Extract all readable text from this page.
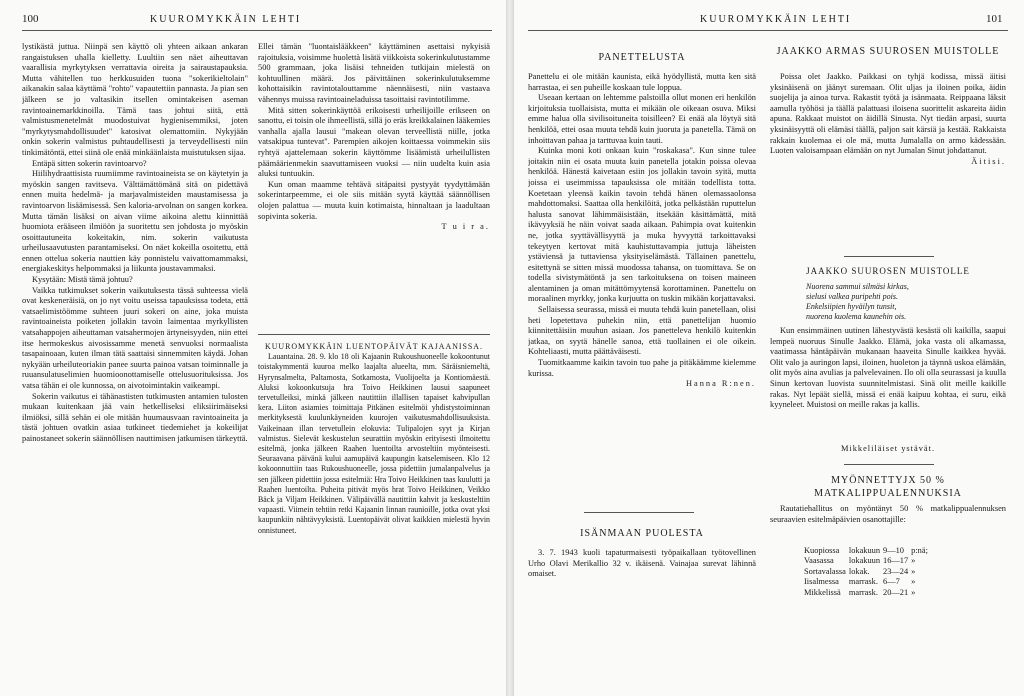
100	KUUROMYKKÄIN LEHTI

lystikästä juttua. Niinpä sen käyttö oli yhteen aikaan ankaran rangaistuksen uhalla kielletty. Luultiin sen näet aiheuttavan vaarallisia myrkytyksen verrattavia oireita ja sairaustapauksia. Mutta vähitellen tuo herkkusuiden tuona "sokerikieltolain" aikanakin salaa käyttämä "rohto" vapautettiin pannasta. Ja pian sen jälkeen se jo valtasikin itsellen omintakeisen aseman ravintoainemarkkinoilla. Tämä taas johtui siitä, että valmistusmenetelmät muodostuivat hygienisemmiksi, joten "myrkytysmahdollisuudet" katosivat olemattomiin. Nykyjään onkin sokerin valmistus puhtaudellisesti ja terveydellisesti niin tinkimätöntä, ettei siinä ole enää minkäänlaista muistutuksen sijaa.

Entäpä sitten sokerin ravintoarvo?

Hiilihydraattisista ruumiimme ravintoaineista se on käytetyin ja myöskin sangen ravitseva. Välttämättömänä sitä on pidettävä ennen muita hedelmä- ja marjavalmisteiden maustamisessa ja ravintoarvon lisäämisessä. Sen kaloria-arvolnan on sangen korkea. Mutta tämän lisäksi on aivan viime aikoina alettu kiinnittää huomiota erääseen ilmiöön ja suoritettu sen johdosta jo myöskin osoittautuneita kokeitakin, nim. sokerin vaikutusta urheilusaavutusten parantamiseksi. On näet kokeilla osoitettu, että ennen ottelua sokeria nauttien käy ponnistelu vaivattomammaksi, energiakeskitys helpommaksi ja liikunta joustavammaksi.

Kysytään: Mistä tämä johtuu?

Vaikka tutkimukset sokerin vaikutuksesta tässä suhteessa vielä ovat keskeneräisiä, on jo nyt voitu useissa tapauksissa todeta, että vatsaelimistöömme suhteen juuri sokeri on aine, joka muista ravintoaineista poiketen jollakin tavoin laimentaa myrkyllisten vatsahappojen aiheuttaman vatsahermojen ärtyneisyyden, niin ettei itse hermokeskus aivosissamme menetä senvuoksi normaalista tasapainoaan, kuten ilman tätä saattaisi sinnemmiten käydä. Johan nykyään urheiluteoriakin panee suurta painoa vatsan toiminnalle ja ruuansulatuselimien huomioonottamiselle ottelusuorituksissa. Jos vatsa tähän ei ole kunnossa, on aivotoimintakin vaikeampi.

Sokerin vaikutus ei tähänastisten tutkimusten antamien tulosten mukaan kuitenkaan jää vain hetkelliseksi eliksiirimäiseksi ilmiöksi, sillä sehän ei ole mitään huumausvaan ravintoaineita ja tästä johtuen ovatkin asiaa tutkineet tiedemiehet ja kokeilijat painostaneet sokerin säännöllisen nauttimisen jatkumisen tärkeyttä.

Ellei tämän "luontaislääkkeen" käyttäminen asettaisi nykyisiä rajoituksia, voisimme huolettà lisätä viikkoista sokerinkulutustamme 500 grammaan, joka lisäisi tehneiden tutkijain mielestä on kohtuullinen määrä. Jos päivittäinen sokerinkulutuksemme kohottaisikin ravintotalouttamme näennäisesti, niin vastaava vähennys muissa ravintoaineladuissa tasoittaisi ravintotilimme.

Mitä sitten sokerinkäyttöä erikoisesti urheilijoille erikseen on sanottu, ei toisin ole ihmeellistä, sillä jo eräs kreikkalainen lääkemies vanhalla ajalla lausui "makean olevan terveellistä niille, jotka vatsakipua tuntevat". Parempien aikojen koittaessa voimmekin siis ryhtyä ajattelemaan sokerin käyttömme lisäämistä urheilullisten päämäärienmekin saavuttamiseen vuoksi — niin uudelta kuin asia aluksi tuntuukin.

Kun oman maamme tehtävä sitäpaitsi pystyyät tyydyttämään sokerintarpeemme, ei ole siis mitään syytä käyttää säännöllisen olojen palattua — muuta kuin kotimaista, hinnaltaan ja laadultaan sopivinta sokeria.

T u i r a.

KUUROMYKKÄIN LUENTOPÄIVÄT KAJAANISSA.

Lauantaina. 28. 9. klo 18 oli Kajaanin Rukoushuoneelle kokoontunut toistakymmentä kuuroa melko laajalta alueelta, mm. Säräisniemeltä, Hyrynsalmelta, Paltamosta, Sotkamosta, Vuolijoelta ja Kontiomäestä. Aluksi kokoonkutsuja hra Toivo Heikkinen lausui saapuneet tervetulleiksi, minkä jälkeen nautittiin illallisen tapaiset kahvipullan kera. Liiton asiamies toimittaja Pitkänen esitelmöi yhdistystoiminnan merkityksestä kuulunkäyneiden kuurojen vaikutusmahdollisuuksista. Vaikeinaan illan tervetullein elokuvia: Tulipalojen syyt ja Kirjan valmistus. Sielevät keskustelun seurattiin myöskin erityisesti ilmoitettu esitelmä, jonka jälkeen Raahen luentoilta arvosteltiin myönteisesti. Seuraavana päivänä kului aamupäivä kaupungin katselemiseen. Klo 12 kokoonnuttiin taas Rukoushuoneelle, jossa pidettiin jumalanpalvelus ja sen jälkeen pidettiin jossa esitelmiä: Hra Toivo Heikkinen taas kuulutti ja Raahen luentoilta. Puheita pitivät myös hrat Toivo Heikkinen, Veikko Bäck ja Viljam Heikkinen. Välipäivällä nautittiin kahvit ja keskusteltiin vapaasti. Viimein tehtiin retki Kajaanin linnan raunioille, jotka ovat yksi kaupunkiin nähtävyyksistä. Luentopäivät olivat kaikkien mielestä hyvin onnistuneet.

KUUROMYKKÄIN LEHTI	101
PANETTELUSTA

Panettelu ei ole mitään kaunista, eikä hyödyllistä, mutta ken sitä harrastaa, ei sen puheille koskaan tule loppua.

Useaan kertaan on lehtemme palstoilla ollut monen eri henkilön kirjoituksia tuollaisista, mutta ei mikään ole oikeaan osuva. Miksi emme halua olla sivilisoituneita toisilleen? Ei enää ala löytyä sitä henkilöä, ettei osaa muuta tehdä kuin juoruta ja panetella. Tämä on inhoittavan pahaa ja tarttuvaa kuin tauti.

Kuinka moni koti onkaan kuin "roskakasa". Kun sinne tulee joitakin niin ei osata muuta kuin panetella jotakin poissa olevaa henkilöä. Hänestä kaivetaan esiin jos jollakin tavoin syitä, mutta joissa ei useimmissa tapauksissa ole mitään todellista totta. Koetetaan yleensä kaikin tavoin tehdä hänen olemassaolonsa mahdottomaksi. Saattaa olla henkilöitä, jotka pelkästään ruputtelun halusta sanovat lähimmäisistään, itsekään käsittämättä, mitä ikävyyksiä he näin voivat saada aikaan. Pahimpia ovat kuitenkin ne, jotka syyttävällisyyttä ja muka hyvyyttä tarkoittavaksi tekeytyen kertovat mitä kauhistuttavampia juttuja läheisten ystäviensä ja tuttaviensa yksityiselämästä. Tällainen panettelu, esitettynä se sitten missä muodossa tahansa, on tuomittava. Se on todella sivistymätöntä ja sen tarkoituksena on toisen maineen alentaminen ja oman mitättömyytensä korottaminen. Panettelu on moraalinen myrkky, jonka kurjuutta on tuskin mikään korjattavaksi.

Sellaisessa seurassa, missä ei muuta tehdä kuin panetellaan, olisi heti lopetettava puhekin niin, että panettelijan huomio kiinnitettäisiin muuhun asiaan. Jos panetteleva henkilö kuitenkin jatkaa, on syytä hänelle sanoa, että tuollainen ei ole oikein. Kohteliaasti, mutta päättäväisesti.

Tuomitkaamme kaikin tavoin tuo pahe ja pitäkäämme kielemme kurissa.

Hanna R:nen.
ISÄNMAAN PUOLESTA

3. 7. 1943 kuoli tapaturmaisesti työpaikallaan työtovellinen Urho Olavi Merikallio 32 v. ikäisenä. Vainajaa surevat lähinnä omaiset.

JAAKKO ARMAS SUUROSEN MUISTOLLE

Poissa olet Jaakko. Paikkasi on tyhjä kodissa, missä äitisi yksinäisenä on jäänyt suremaan. Olit uljas ja iloinen poika, äidin suojelija ja ainoa turva. Rakastit työtä ja isänmaata. Reippaana läksit aamulla työhösi ja täällä palattuasi iloisena suorittelit askareita äidin apuna. Rakkaat muistot on äidillä Sinusta. Nyt tiedän arpasi, suurta yksinäisyyttä oli elämäsi täällä, paljon sait kärsiä ja kestää. Rakkaista rakkain kuolemaa ei ole mä, mutta Jumalalla on armo kädessään. Luoten valoisampaan elämään on nyt Jumalan Sinut johdattanut.

Äitisi.
JAAKKO SUUROSEN MUISTOLLE
Nuorena sammui silmäsi kirkas,
sielusi valkea puripehti pois.
Enkelsiipien hyväilyn tunsit,
nuorena kuolema kaunehin ois.

Kun ensimmäinen uutinen lähestyvästä kesästä oli kaikilla, saapui lempeä nuoruus Sinulle Jaakko. Elämä, joka vasta oli alkamassa, vaatimassa häntäpäivän mukanaan haaveita Sinulle kaikkea hyvää. Olit valo ja auringon lapsi, iloinen, huoleton ja täynnä uskoa elämään, olit myös aina avulias ja palvelevainen. Ilo oli olla seurassasi ja kuulla Sinun kertovan luovista suunnitelmistasi. Sinä olit meille kaikille rakas. Nyt lepäät siellä, missä ei enää kaipuu kohtaa, ei suru, eikä kyyneleet. Muistosi on meille rakas ja kallis.

Mikkeliläiset ystävät.
MYÖNNETTYJX 50 % MATKALIPPUALENNUKSIA

Rautatiehallitus on myöntänyt 50 % matkalippualennuksen seuraavien esitelmäpäivien osanottajille:

Kuopiossa	lokakuun	9—10	p:nä;
Vaasassa	lokakuun	16—17	»
Sortavalassa	lokak.	23—24	»
Iisalmessa	marrask.	6—7	»
Mikkelissä	marrask.	20—21	»
